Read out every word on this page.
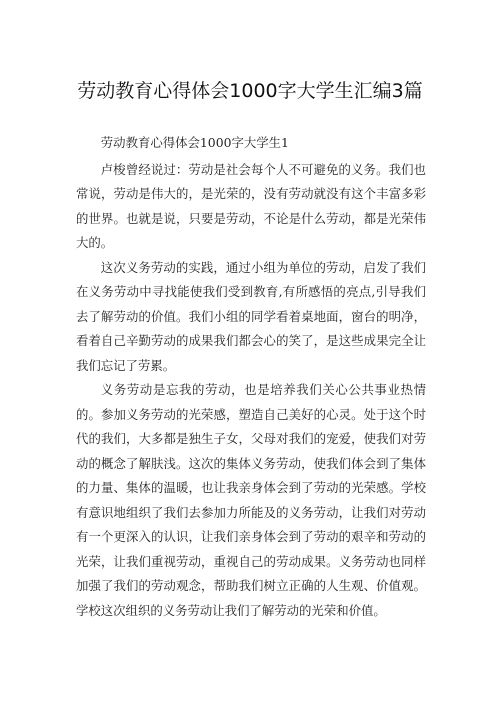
劳动教育心得体会1000字大学生汇编3篇

劳动教育心得体会1000字大学生1

卢梭曾经说过：劳动是社会每个人不可避免的义务。我们也常说，劳动是伟大的，是光荣的，没有劳动就没有这个丰富多彩的世界。也就是说，只要是劳动，不论是什么劳动，都是光荣伟大的。

这次义务劳动的实践，通过小组为单位的劳动，启发了我们在义务劳动中寻找能使我们受到教育,有所感悟的亮点,引导我们去了解劳动的价值。我们小组的同学看着桌地面，窗台的明净，看着自己辛勤劳动的成果我们都会心的笑了，是这些成果完全让我们忘记了劳累。

义务劳动是忘我的劳动，也是培养我们关心公共事业热情的。参加义务劳动的光荣感，塑造自己美好的心灵。处于这个时代的我们，大多都是独生子女，父母对我们的宠爱，使我们对劳动的概念了解肤浅。这次的集体义务劳动，使我们体会到了集体的力量、集体的温暖，也让我亲身体会到了劳动的光荣感。学校有意识地组织了我们去参加力所能及的义务劳动，让我们对劳动有一个更深入的认识，让我们亲身体会到了劳动的艰辛和劳动的光荣，让我们重视劳动，重视自己的劳动成果。义务劳动也同样加强了我们的劳动观念，帮助我们树立正确的人生观、价值观。学校这次组织的义务劳动让我们了解劳动的光荣和价值。
